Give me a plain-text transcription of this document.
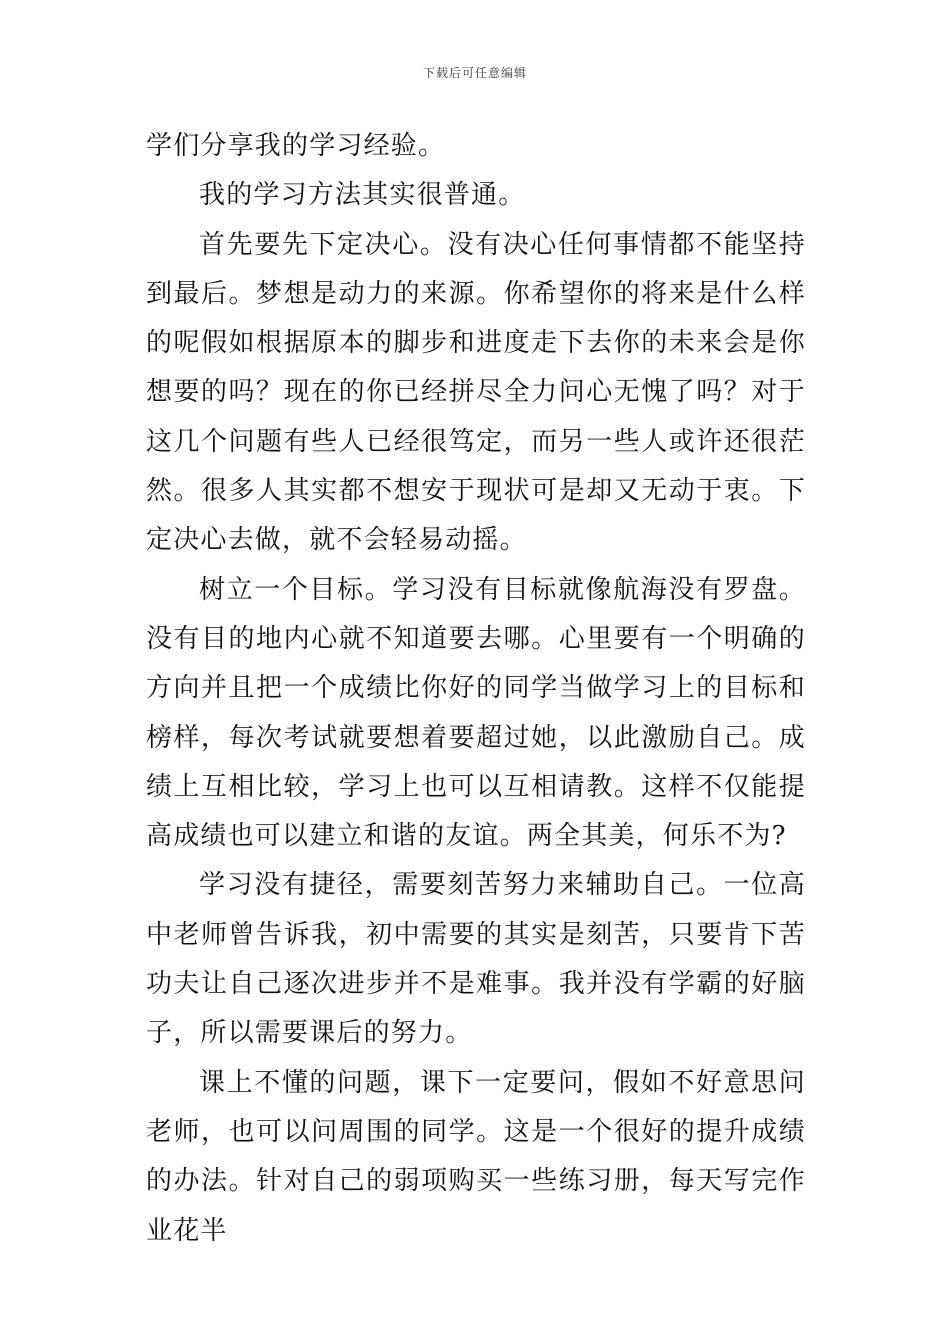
下载后可任意编辑

学们分享我的学习经验。

我的学习方法其实很普通。

首先要先下定决心。没有决心任何事情都不能坚持到最后。梦想是动力的来源。你希望你的将来是什么样的呢假如根据原本的脚步和进度走下去你的未来会是你想要的吗？现在的你已经拼尽全力问心无愧了吗？对于这几个问题有些人已经很笃定，而另一些人或许还很茫然。很多人其实都不想安于现状可是却又无动于衷。下定决心去做，就不会轻易动摇。

树立一个目标。学习没有目标就像航海没有罗盘。没有目的地内心就不知道要去哪。心里要有一个明确的方向并且把一个成绩比你好的同学当做学习上的目标和榜样，每次考试就要想着要超过她，以此激励自己。成绩上互相比较，学习上也可以互相请教。这样不仅能提高成绩也可以建立和谐的友谊。两全其美，何乐不为?

学习没有捷径，需要刻苦努力来辅助自己。一位高中老师曾告诉我，初中需要的其实是刻苦，只要肯下苦功夫让自己逐次进步并不是难事。我并没有学霸的好脑子，所以需要课后的努力。

课上不懂的问题，课下一定要问，假如不好意思问老师，也可以问周围的同学。这是一个很好的提升成绩的办法。针对自己的弱项购买一些练习册，每天写完作业花半
